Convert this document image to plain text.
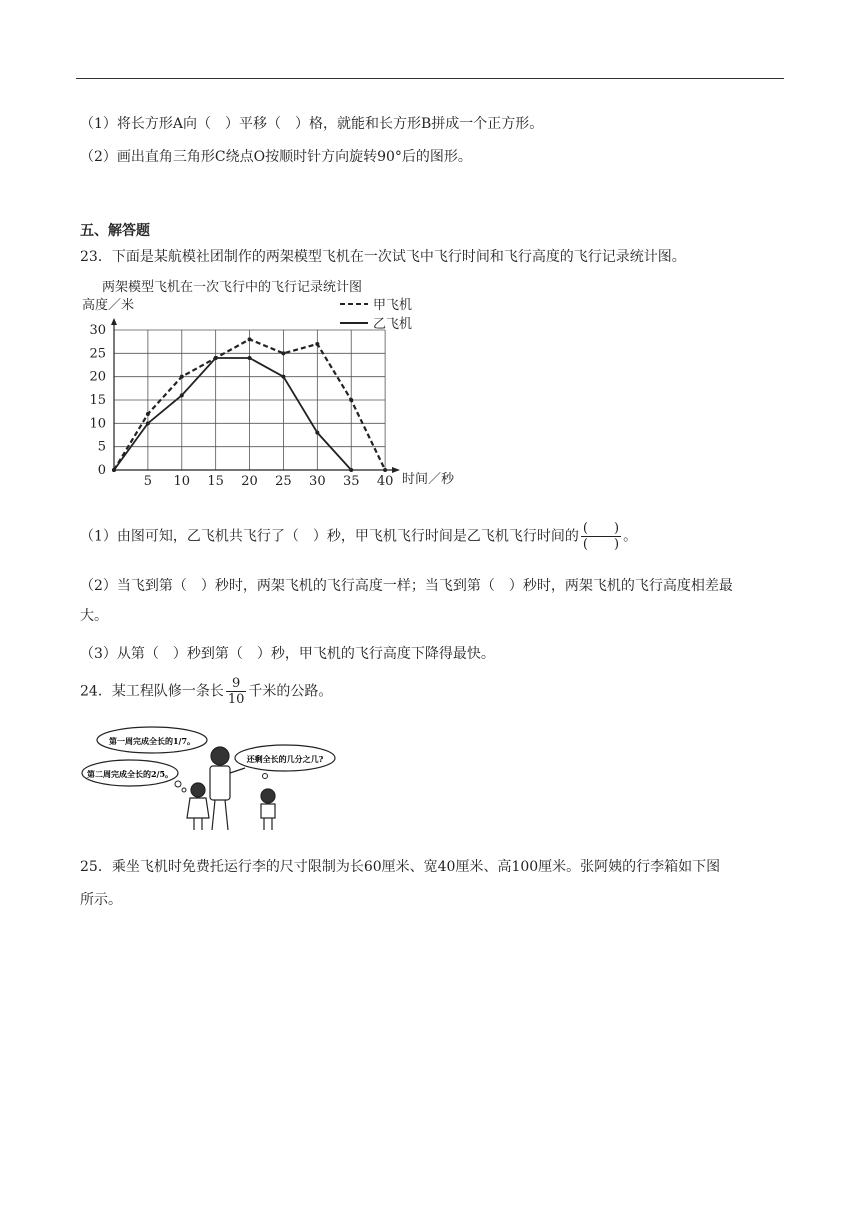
（1）将长方形A向（　）平移（　）格，就能和长方形B拼成一个正方形。
（2）画出直角三角形C绕点O按顺时针方向旋转90°后的图形。
五、解答题
23．下面是某航模社团制作的两架模型飞机在一次试飞中飞行时间和飞行高度的飞行记录统计图。
5 10 15 20 25 30 35 40
0
5
10
15
20
25
30
两架模型飞机在一次飞行中的飞行记录统计图
高度／米
时间／秒
甲飞机
乙飞机
（1）由图可知，乙飞机共飞行了（　）秒，甲飞机飞行时间是乙飞机飞行时间的 $\frac{( )}{( )}$ 。
（2）当飞到第（　）秒时，两架飞机的飞行高度一样；当飞到第（　）秒时，两架飞机的飞行高度相差最
大。
（3）从第（　）秒到第（　）秒，甲飞机的飞行高度下降得最快。
24．某工程队修一条长 $\frac{9}{10}$ 千米的公路。
第一周完成全长的1/7。
第二周完成全长的2/5。
还剩全长的几分之几?
25．乘坐飞机时免费托运行李的尺寸限制为长60厘米、宽40厘米、高100厘米。张阿姨的行李箱如下图
所示。
